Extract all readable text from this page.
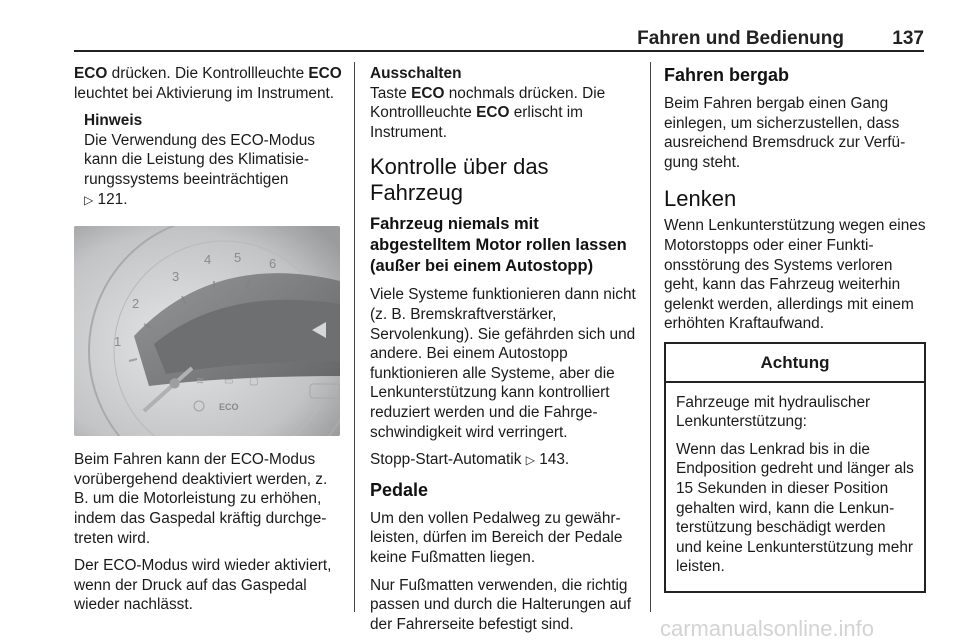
Fahren und Bedienung	137

ECO drücken. Die Kontrollleuchte ECO leuchtet bei Aktivierung im Instrument.

Hinweis
Die Verwendung des ECO-Modus kann die Leistung des Klimatisierungssystems beeinträchtigen
▷ 121.
1
2
3
4 5 6
⬤ ≋ ▭ ▢
ECO

Beim Fahren kann der ECO-Modus vorübergehend deaktiviert werden, z. B. um die Motorleistung zu erhöhen, indem das Gaspedal kräftig durchgetreten wird.

Der ECO-Modus wird wieder aktiviert, wenn der Druck auf das Gaspedal wieder nachlässt.

Ausschalten

Taste ECO nochmals drücken. Die Kontrollleuchte ECO erlischt im Instrument.

Kontrolle über das Fahrzeug
Fahrzeug niemals mit abgestelltem Motor rollen lassen (außer bei einem Autostopp)

Viele Systeme funktionieren dann nicht (z. B. Bremskraftverstärker, Servolenkung). Sie gefährden sich und andere. Bei einem Autostopp funktionieren alle Systeme, aber die Lenkunterstützung kann kontrolliert reduziert werden und die Fahrgeschwindigkeit wird verringert.

Stopp-Start-Automatik ▷ 143.

Pedale

Um den vollen Pedalweg zu gewährleisten, dürfen im Bereich der Pedale keine Fußmatten liegen.

Nur Fußmatten verwenden, die richtig passen und durch die Halterungen auf der Fahrerseite befestigt sind.

Fahren bergab

Beim Fahren bergab einen Gang einlegen, um sicherzustellen, dass ausreichend Bremsdruck zur Verfügung steht.

Lenken

Wenn Lenkunterstützung wegen eines Motorstopps oder einer Funktionsstörung des Systems verloren geht, kann das Fahrzeug weiterhin gelenkt werden, allerdings mit einem erhöhten Kraftaufwand.

Achtung

Fahrzeuge mit hydraulischer Lenkunterstützung:

Wenn das Lenkrad bis in die Endposition gedreht und länger als 15 Sekunden in dieser Position gehalten wird, kann die Lenkunterstützung beschädigt werden und keine Lenkunterstützung mehr leisten.

carmanualsonline.info
